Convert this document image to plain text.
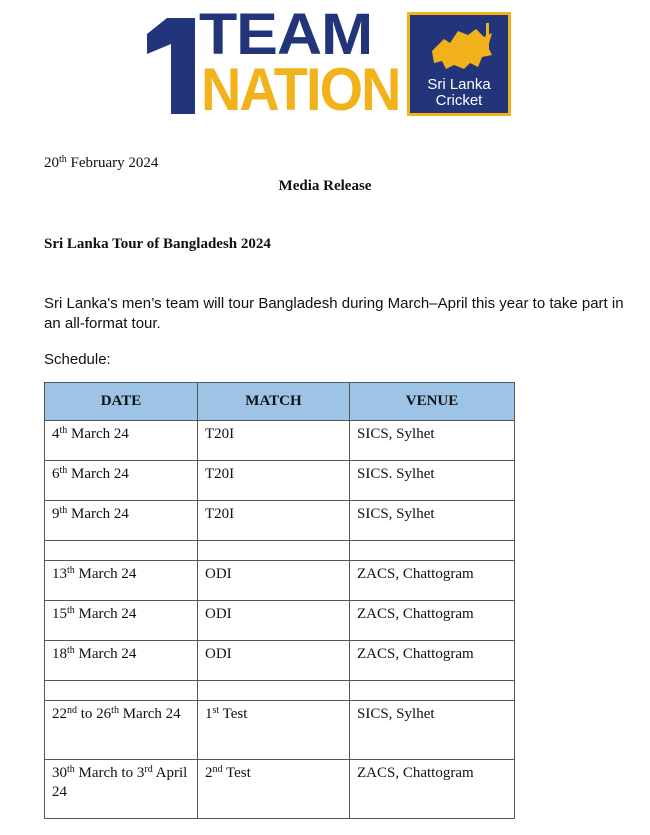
TEAM
NATION	Sri Lanka
Cricket
20th February 2024
Media Release
Sri Lanka Tour of Bangladesh 2024
Sri Lanka's men’s team will tour Bangladesh during March–April this year to take part in an all-format tour.
Schedule:
DATE	MATCH	VENUE
4th March 24	T20I	SICS, Sylhet
6th March 24	T20I	SICS. Sylhet
9th March 24	T20I	SICS, Sylhet

13th March 24	ODI	ZACS, Chattogram
15th March 24	ODI	ZACS, Chattogram
18th March 24	ODI	ZACS, Chattogram

22nd to 26th March 24	1st Test	SICS, Sylhet
30th March to 3rd April 24	2nd Test	ZACS, Chattogram
